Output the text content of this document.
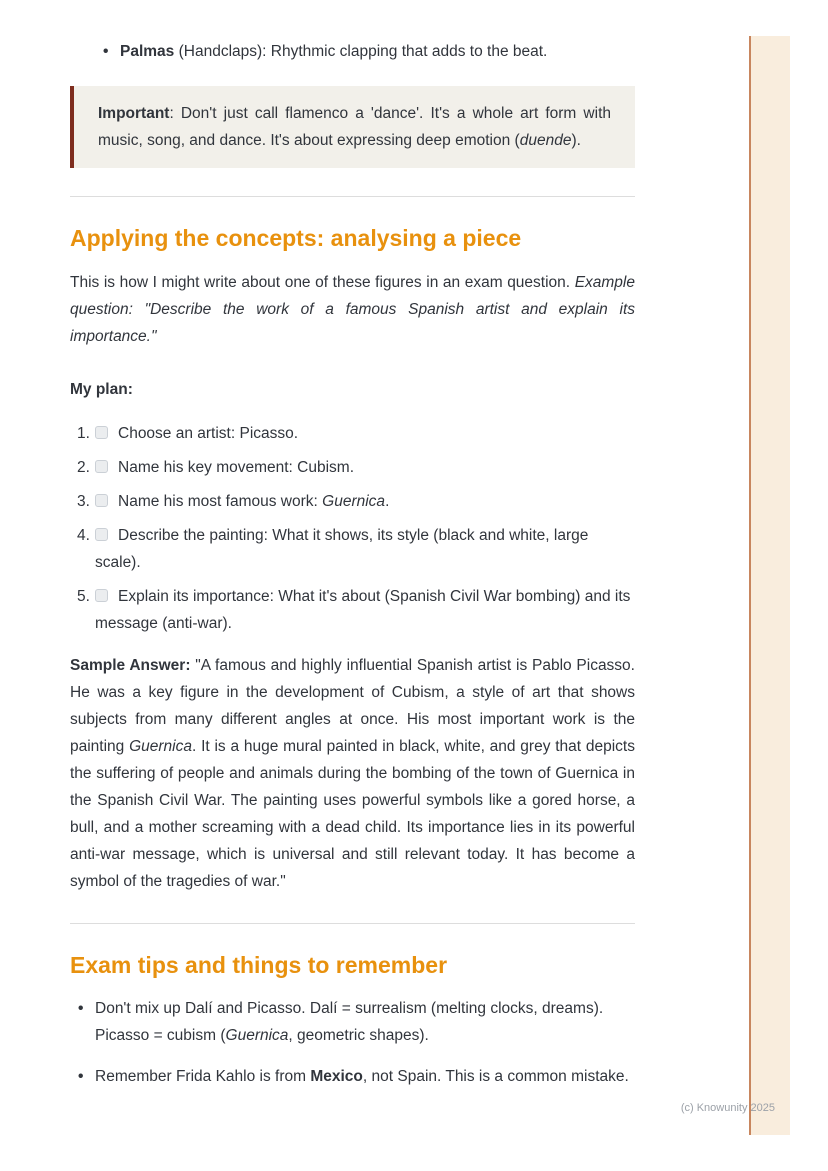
• Palmas (Handclaps): Rhythmic clapping that adds to the beat.

Important: Don't just call flamenco a 'dance'. It's a whole art form with music, song, and dance. It's about expressing deep emotion (duende).

Applying the concepts: analysing a piece

This is how I might write about one of these figures in an exam question. Example question: "Describe the work of a famous Spanish artist and explain its importance."

My plan:

1. Choose an artist: Picasso.
2. Name his key movement: Cubism.
3. Name his most famous work: Guernica.
4. Describe the painting: What it shows, its style (black and white, large scale).
5. Explain its importance: What it's about (Spanish Civil War bombing) and its message (anti-war).

Sample Answer: "A famous and highly influential Spanish artist is Pablo Picasso. He was a key figure in the development of Cubism, a style of art that shows subjects from many different angles at once. His most important work is the painting Guernica. It is a huge mural painted in black, white, and grey that depicts the suffering of people and animals during the bombing of the town of Guernica in the Spanish Civil War. The painting uses powerful symbols like a gored horse, a bull, and a mother screaming with a dead child. Its importance lies in its powerful anti-war message, which is universal and still relevant today. It has become a symbol of the tragedies of war."

Exam tips and things to remember
• Don't mix up Dalí and Picasso. Dalí = surrealism (melting clocks, dreams). Picasso = cubism (Guernica, geometric shapes).
• Remember Frida Kahlo is from Mexico, not Spain. This is a common mistake.
(c) Knowunity 2025
